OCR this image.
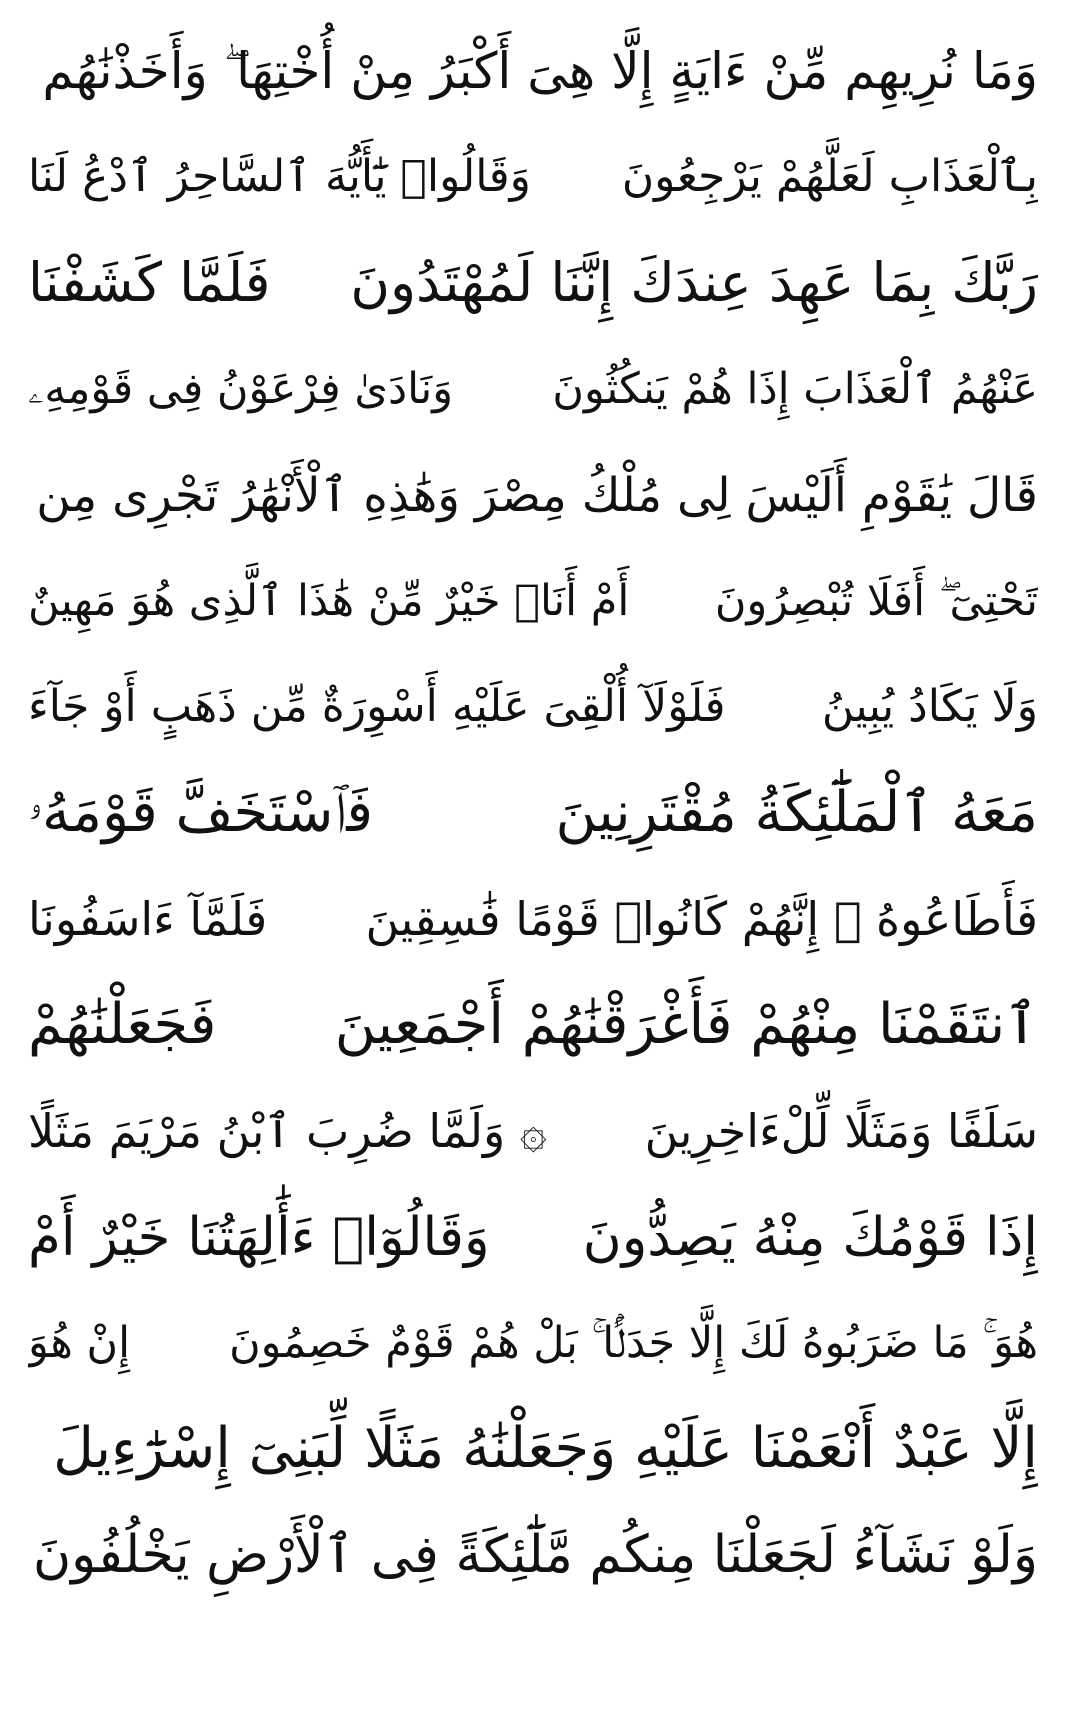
وَمَا نُرِيهِم مِّنْ ءَايَةٍ إِلَّا هِىَ أَكْبَرُ مِنْ أُخْتِهَا ۖ وَأَخَذْنَٰهُم
بِٱلْعَذَابِ لَعَلَّهُمْ يَرْجِعُونَ
وَقَالُوا۟ يَٰٓأَيُّهَ ٱلسَّاحِرُ ٱدْعُ لَنَا
رَبَّكَ بِمَا عَهِدَ عِندَكَ إِنَّنَا لَمُهْتَدُونَ
فَلَمَّا كَشَفْنَا
عَنْهُمُ ٱلْعَذَابَ إِذَا هُمْ يَنكُثُونَ
وَنَادَىٰ فِرْعَوْنُ فِى قَوْمِهِۦ
قَالَ يَٰقَوْمِ أَلَيْسَ لِى مُلْكُ مِصْرَ وَهَٰذِهِ ٱلْأَنْهَٰرُ تَجْرِى مِن
تَحْتِىٓ ۖ أَفَلَا تُبْصِرُونَ
أَمْ أَنَا۠ خَيْرٌ مِّنْ هَٰذَا ٱلَّذِى هُوَ مَهِينٌ
وَلَا يَكَادُ يُبِينُ
فَلَوْلَآ أُلْقِىَ عَلَيْهِ أَسْوِرَةٌ مِّن ذَهَبٍ أَوْ جَآءَ
مَعَهُ ٱلْمَلَٰٓئِكَةُ مُقْتَرِنِينَ
فَٱسْتَخَفَّ قَوْمَهُۥ
فَأَطَاعُوهُ ۚ إِنَّهُمْ كَانُوا۟ قَوْمًا فَٰسِقِينَ
فَلَمَّآ ءَاسَفُونَا
ٱنتَقَمْنَا مِنْهُمْ فَأَغْرَقْنَٰهُمْ أَجْمَعِينَ
فَجَعَلْنَٰهُمْ
سَلَفًا وَمَثَلًا لِّلْءَاخِرِينَ
۞ وَلَمَّا ضُرِبَ ٱبْنُ مَرْيَمَ مَثَلًا
إِذَا قَوْمُكَ مِنْهُ يَصِدُّونَ
وَقَالُوٓا۟ ءَأَٰلِهَتُنَا خَيْرٌ أَمْ
هُوَ ۚ مَا ضَرَبُوهُ لَكَ إِلَّا جَدَلًۢا ۚ بَلْ هُمْ قَوْمٌ خَصِمُونَ
إِنْ هُوَ
إِلَّا عَبْدٌ أَنْعَمْنَا عَلَيْهِ وَجَعَلْنَٰهُ مَثَلًا لِّبَنِىٓ إِسْرَٰٓءِيلَ
وَلَوْ نَشَآءُ لَجَعَلْنَا مِنكُم مَّلَٰٓئِكَةً فِى ٱلْأَرْضِ يَخْلُفُونَ
